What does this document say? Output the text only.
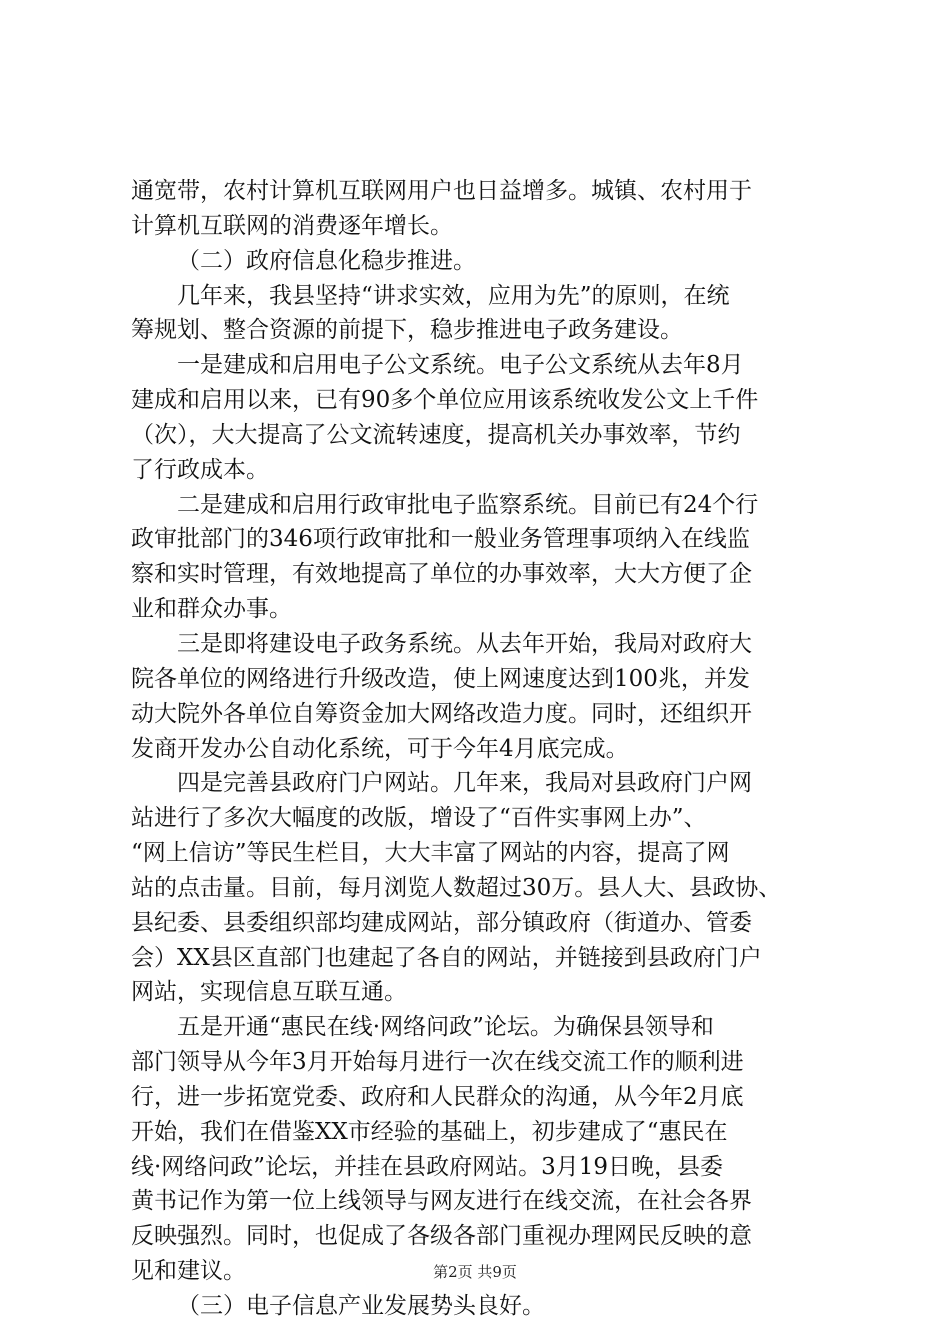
通宽带，农村计算机互联网用户也日益增多。城镇、农村用于
计算机互联网的消费逐年增长。
（二）政府信息化稳步推进。
几年来，我县坚持“讲求实效，应用为先”的原则，在统
筹规划、整合资源的前提下，稳步推进电子政务建设。
一是建成和启用电子公文系统。电子公文系统从去年8月
建成和启用以来，已有90多个单位应用该系统收发公文上千件
（次），大大提高了公文流转速度，提高机关办事效率，节约
了行政成本。
二是建成和启用行政审批电子监察系统。目前已有24个行
政审批部门的346项行政审批和一般业务管理事项纳入在线监
察和实时管理，有效地提高了单位的办事效率，大大方便了企
业和群众办事。
三是即将建设电子政务系统。从去年开始，我局对政府大
院各单位的网络进行升级改造，使上网速度达到100兆，并发
动大院外各单位自筹资金加大网络改造力度。同时，还组织开
发商开发办公自动化系统，可于今年4月底完成。
四是完善县政府门户网站。几年来，我局对县政府门户网
站进行了多次大幅度的改版，增设了“百件实事网上办”、
“网上信访”等民生栏目，大大丰富了网站的内容，提高了网
站的点击量。目前，每月浏览人数超过30万。县人大、县政协、
县纪委、县委组织部均建成网站，部分镇政府（街道办、管委
会）XX县区直部门也建起了各自的网站，并链接到县政府门户
网站，实现信息互联互通。
五是开通“惠民在线·网络问政”论坛。为确保县领导和
部门领导从今年3月开始每月进行一次在线交流工作的顺利进
行，进一步拓宽党委、政府和人民群众的沟通，从今年2月底
开始，我们在借鉴XX市经验的基础上，初步建成了“惠民在
线·网络问政”论坛，并挂在县政府网站。3月19日晚，县委
黄书记作为第一位上线领导与网友进行在线交流，在社会各界
反映强烈。同时，也促成了各级各部门重视办理网民反映的意
见和建议。
（三）电子信息产业发展势头良好。
第2页 共9页
